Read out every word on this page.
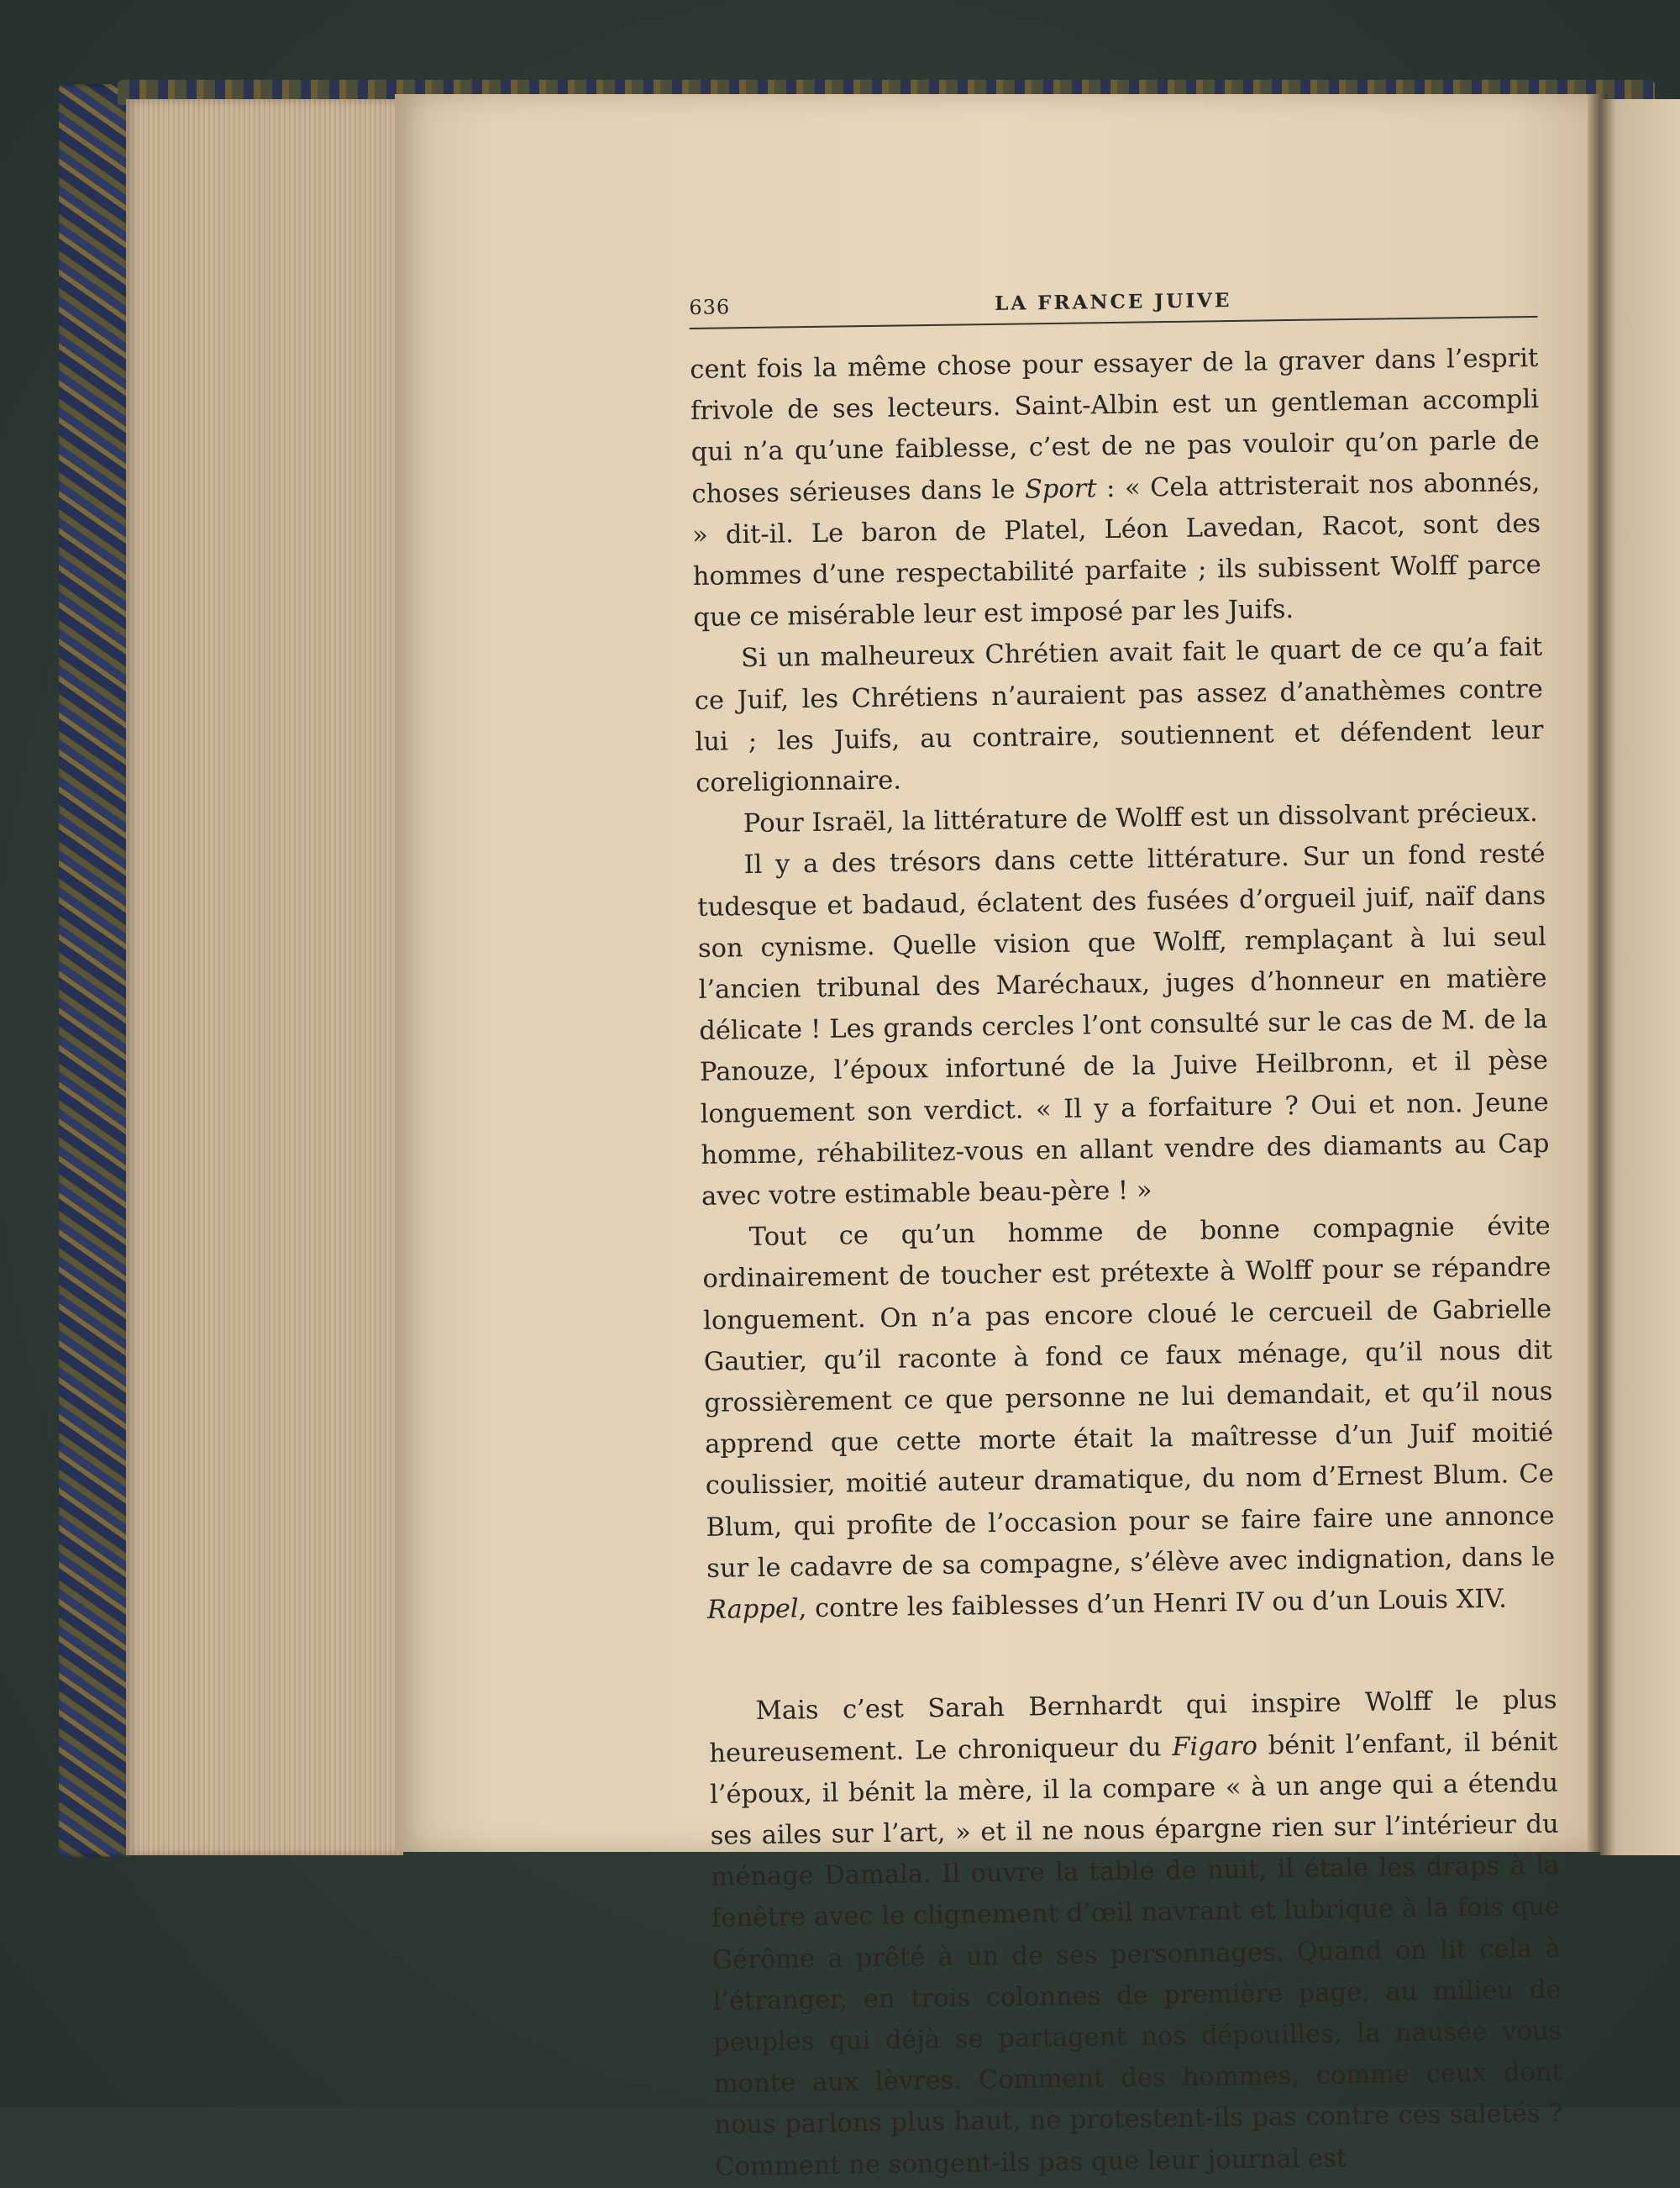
636	LA FRANCE JUIVE

cent fois la même chose pour essayer de la graver dans l’esprit frivole de ses lecteurs. Saint-Albin est un gentleman accompli qui n’a qu’une faiblesse, c’est de ne pas vouloir qu’on parle de choses sérieuses dans le Sport : « Cela attristerait nos abonnés, » dit-il. Le baron de Platel, Léon Lavedan, Racot, sont des hommes d’une respectabilité parfaite ; ils subissent Wolff parce que ce misérable leur est imposé par les Juifs.

Si un malheureux Chrétien avait fait le quart de ce qu’a fait ce Juif, les Chrétiens n’auraient pas assez d’anathèmes contre lui ; les Juifs, au contraire, soutiennent et défendent leur coreligionnaire.

Pour Israël, la littérature de Wolff est un dissolvant précieux.

Il y a des trésors dans cette littérature. Sur un fond resté tudesque et badaud, éclatent des fusées d’orgueil juif, naïf dans son cynisme. Quelle vision que Wolff, remplaçant à lui seul l’ancien tribunal des Maréchaux, juges d’honneur en matière délicate ! Les grands cercles l’ont consulté sur le cas de M. de la Panouze, l’époux infortuné de la Juive Heilbronn, et il pèse longuement son verdict. « Il y a forfaiture ? Oui et non. Jeune homme, réhabilitez-vous en allant vendre des diamants au Cap avec votre estimable beau-père ! »

Tout ce qu’un homme de bonne compagnie évite ordinairement de toucher est prétexte à Wolff pour se répandre longuement. On n’a pas encore cloué le cercueil de Gabrielle Gautier, qu’il raconte à fond ce faux ménage, qu’il nous dit grossièrement ce que personne ne lui demandait, et qu’il nous apprend que cette morte était la maîtresse d’un Juif moitié coulissier, moitié auteur dramatique, du nom d’Ernest Blum. Ce Blum, qui profite de l’occasion pour se faire faire une annonce sur le cadavre de sa compagne, s’élève avec indignation, dans le Rappel, contre les faiblesses d’un Henri IV ou d’un Louis XIV.

Mais c’est Sarah Bernhardt qui inspire Wolff le plus heureusement. Le chroniqueur du Figaro bénit l’enfant, il bénit l’époux, il bénit la mère, il la compare « à un ange qui a étendu ses ailes sur l’art, » et il ne nous épargne rien sur l’intérieur du ménage Damala. Il ouvre la table de nuit, il étale les draps à la fenêtre avec le clignement d’œil navrant et lubrique à la fois que Gérôme a prêté à un de ses personnages. Quand on lit cela à l’étranger, en trois colonnes de première page, au milieu de peuples qui déjà se partagent nos dépouilles, la nausée vous monte aux lèvres. Comment des hommes, comme ceux dont nous parlons plus haut, ne protestent-ils pas contre ces saletés ? Comment ne songent-ils pas que leur journal est
